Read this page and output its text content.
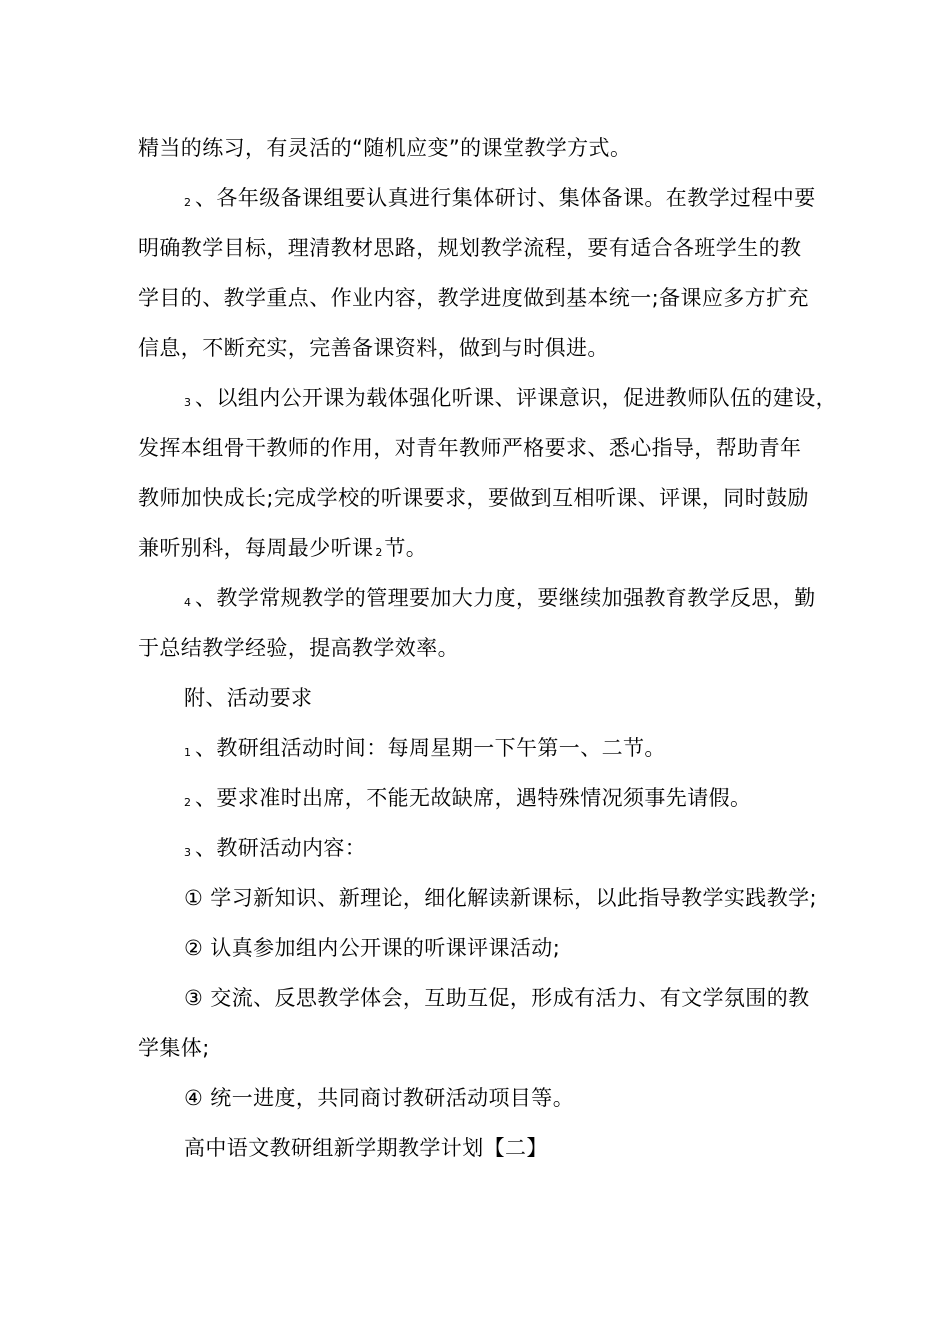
精当的练习，有灵活的“随机应变”的课堂教学方式。
2 、各年级备课组要认真进行集体研讨、集体备课。在教学过程中要
明确教学目标，理清教材思路，规划教学流程，要有适合各班学生的教
学目的、教学重点、作业内容，教学进度做到基本统一;备课应多方扩充
信息，不断充实，完善备课资料，做到与时俱进。
3 、以组内公开课为载体强化听课、评课意识，促进教师队伍的建设，
发挥本组骨干教师的作用，对青年教师严格要求、悉心指导，帮助青年
教师加快成长;完成学校的听课要求，要做到互相听课、评课，同时鼓励
兼听别科，每周最少听课 2节。
4 、教学常规教学的管理要加大力度，要继续加强教育教学反思，勤
于总结教学经验，提高教学效率。
附、活动要求
1 、教研组活动时间：每周星期一下午第一、二节。
2 、要求准时出席，不能无故缺席，遇特殊情况须事先请假。
3 、教研活动内容：
① 学习新知识、新理论，细化解读新课标，以此指导教学实践教学;
② 认真参加组内公开课的听课评课活动;
③ 交流、反思教学体会，互助互促，形成有活力、有文学氛围的教
学集体;
④ 统一进度，共同商讨教研活动项目等。
高中语文教研组新学期教学计划【二】
